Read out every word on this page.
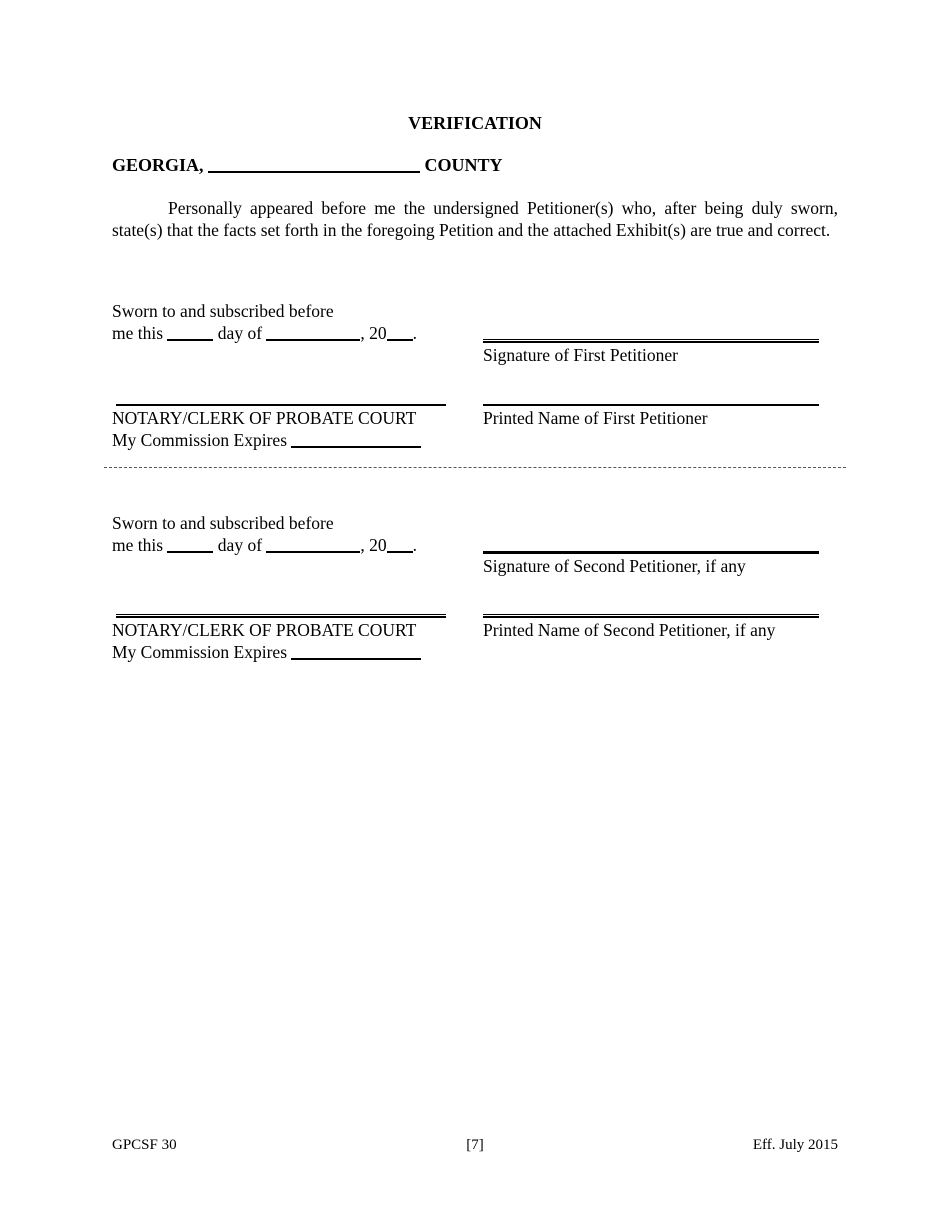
VERIFICATION
GEORGIA,	COUNTY
Personally appeared before me the undersigned Petitioner(s) who, after being duly sworn, state(s) that the facts set forth in the foregoing Petition and the attached Exhibit(s) are true and correct.
Sworn to and subscribed before
me this	day of	, 20 .
Signature of First Petitioner
NOTARY/CLERK OF PROBATE COURT
My Commission Expires
Printed Name of First Petitioner
Sworn to and subscribed before
me this	day of	, 20 .
Signature of Second Petitioner, if any
NOTARY/CLERK OF PROBATE COURT
My Commission Expires
Printed Name of Second Petitioner, if any
GPCSF 30	[7]	Eff. July 2015
